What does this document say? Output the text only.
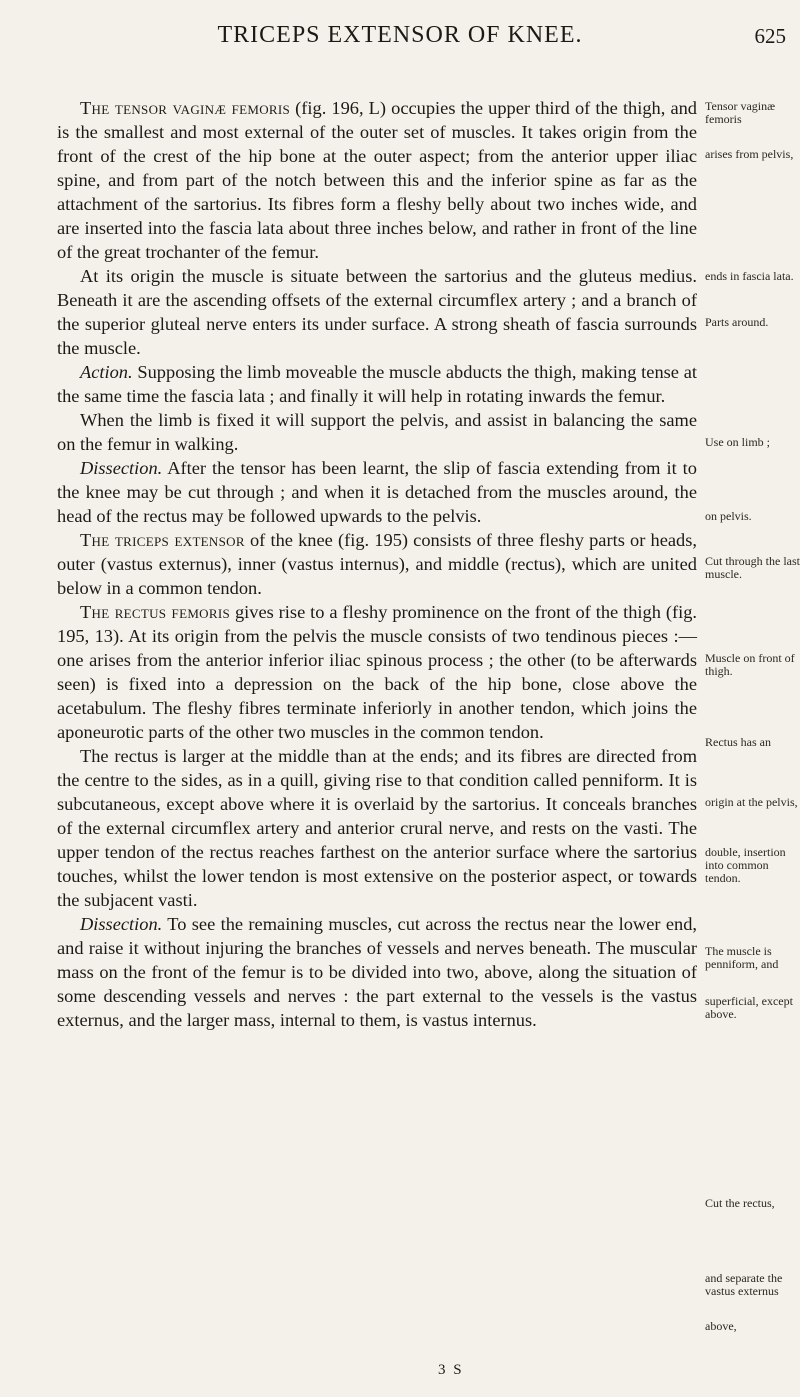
TRICEPS EXTENSOR OF KNEE.	625

The tensor vaginæ femoris (fig. 196, L) occupies the upper third of the thigh, and is the smallest and most external of the outer set of muscles. It takes origin from the front of the crest of the hip bone at the outer aspect; from the anterior upper iliac spine, and from part of the notch between this and the inferior spine as far as the attachment of the sartorius. Its fibres form a fleshy belly about two inches wide, and are inserted into the fascia lata about three inches below, and rather in front of the line of the great trochanter of the femur.

At its origin the muscle is situate between the sartorius and the gluteus medius. Beneath it are the ascending offsets of the external circumflex artery ; and a branch of the superior gluteal nerve enters its under surface. A strong sheath of fascia surrounds the muscle.

Action. Supposing the limb moveable the muscle abducts the thigh, making tense at the same time the fascia lata ; and finally it will help in rotating inwards the femur.

When the limb is fixed it will support the pelvis, and assist in balancing the same on the femur in walking.

Dissection. After the tensor has been learnt, the slip of fascia extending from it to the knee may be cut through ; and when it is detached from the muscles around, the head of the rectus may be followed upwards to the pelvis.

The triceps extensor of the knee (fig. 195) consists of three fleshy parts or heads, outer (vastus externus), inner (vastus internus), and middle (rectus), which are united below in a common tendon.

The rectus femoris gives rise to a fleshy prominence on the front of the thigh (fig. 195, 13). At its origin from the pelvis the muscle consists of two tendinous pieces :—one arises from the anterior inferior iliac spinous process ; the other (to be afterwards seen) is fixed into a depression on the back of the hip bone, close above the acetabulum. The fleshy fibres terminate inferiorly in another tendon, which joins the aponeurotic parts of the other two muscles in the common tendon.

The rectus is larger at the middle than at the ends; and its fibres are directed from the centre to the sides, as in a quill, giving rise to that condition called penniform. It is subcutaneous, except above where it is overlaid by the sartorius. It conceals branches of the external circumflex artery and anterior crural nerve, and rests on the vasti. The upper tendon of the rectus reaches farthest on the anterior surface where the sartorius touches, whilst the lower tendon is most extensive on the posterior aspect, or towards the subjacent vasti.

Dissection. To see the remaining muscles, cut across the rectus near the lower end, and raise it without injuring the branches of vessels and nerves beneath. The muscular mass on the front of the femur is to be divided into two, above, along the situation of some descending vessels and nerves : the part external to the vessels is the vastus externus, and the larger mass, internal to them, is vastus internus.

Tensor vaginæ femoris
arises from pelvis,
ends in fascia lata.
Parts around.
Use on limb ;
on pelvis.
Cut through the last muscle.
Muscle on front of thigh.
Rectus has an
origin at the pelvis,
double, insertion into common tendon.
The muscle is penniform, and
superficial, except above.
Cut the rectus,
and separate the vastus externus
above,
3 S
